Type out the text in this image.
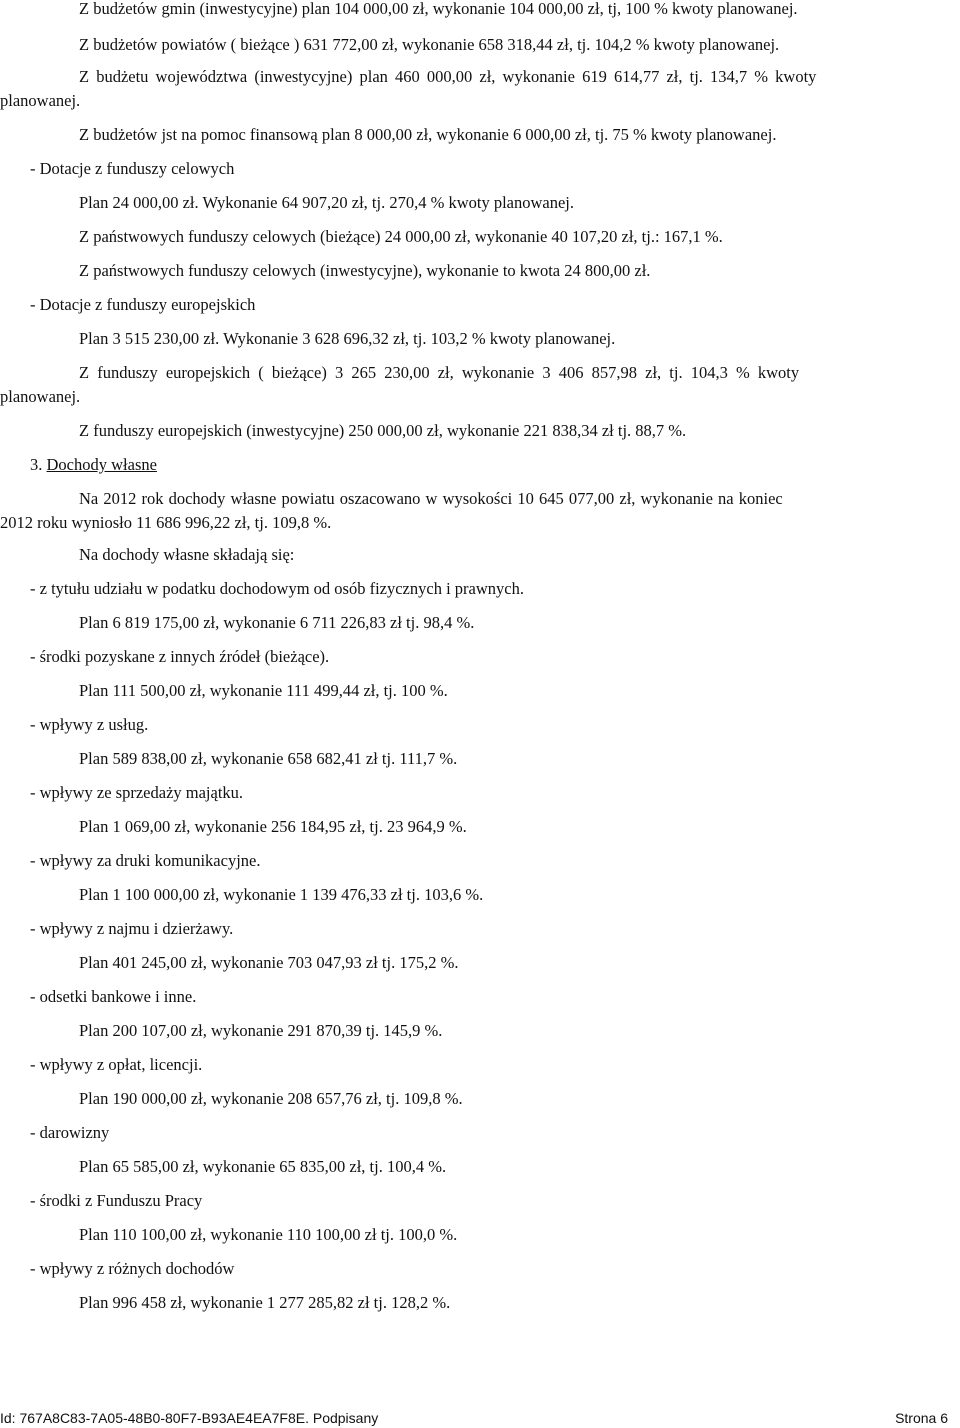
Z budżetów gmin (inwestycyjne) plan 104 000,00 zł, wykonanie 104 000,00 zł, tj, 100 % kwoty planowanej.
Z budżetów powiatów ( bieżące ) 631 772,00 zł, wykonanie 658 318,44 zł, tj. 104,2 % kwoty planowanej.
Z budżetu województwa (inwestycyjne) plan 460 000,00 zł, wykonanie 619 614,77 zł, tj. 134,7 % kwoty
planowanej.
Z budżetów jst na pomoc finansową plan 8 000,00 zł, wykonanie 6 000,00 zł, tj. 75 % kwoty planowanej.
- Dotacje z funduszy celowych
Plan 24 000,00 zł. Wykonanie 64 907,20 zł, tj. 270,4 % kwoty planowanej.
Z państwowych funduszy celowych (bieżące) 24 000,00 zł, wykonanie 40 107,20 zł, tj.: 167,1 %.
Z państwowych funduszy celowych (inwestycyjne), wykonanie to kwota 24 800,00 zł.
- Dotacje z funduszy europejskich
Plan 3 515 230,00 zł. Wykonanie 3 628 696,32 zł, tj. 103,2 % kwoty planowanej.
Z funduszy europejskich ( bieżące) 3 265 230,00 zł, wykonanie 3 406 857,98 zł, tj. 104,3 % kwoty
planowanej.
Z funduszy europejskich (inwestycyjne) 250 000,00 zł, wykonanie 221 838,34 zł tj. 88,7 %.
3. Dochody własne
Na 2012 rok dochody własne powiatu oszacowano w wysokości 10 645 077,00 zł, wykonanie na koniec
2012 roku wyniosło 11 686 996,22 zł, tj. 109,8 %.
Na dochody własne składają się:
- z tytułu udziału w podatku dochodowym od osób fizycznych i prawnych.
Plan 6 819 175,00 zł, wykonanie 6 711 226,83 zł tj. 98,4 %.
- środki pozyskane z innych źródeł (bieżące).
Plan 111 500,00 zł, wykonanie 111 499,44 zł, tj. 100 %.
- wpływy z usług.
Plan 589 838,00 zł, wykonanie 658 682,41 zł tj. 111,7 %.
- wpływy ze sprzedaży majątku.
Plan 1 069,00 zł, wykonanie 256 184,95 zł, tj. 23 964,9 %.
- wpływy za druki komunikacyjne.
Plan 1 100 000,00 zł, wykonanie 1 139 476,33 zł tj. 103,6 %.
- wpływy z najmu i dzierżawy.
Plan 401 245,00 zł, wykonanie 703 047,93 zł tj. 175,2 %.
- odsetki bankowe i inne.
Plan 200 107,00 zł, wykonanie 291 870,39 tj. 145,9 %.
- wpływy z opłat, licencji.
Plan 190 000,00 zł, wykonanie 208 657,76 zł, tj. 109,8 %.
- darowizny
Plan 65 585,00 zł, wykonanie 65 835,00 zł, tj. 100,4 %.
- środki z Funduszu Pracy
Plan 110 100,00 zł, wykonanie 110 100,00 zł tj. 100,0 %.
- wpływy z różnych dochodów
Plan 996 458 zł, wykonanie 1 277 285,82 zł tj. 128,2 %.
Id: 767A8C83-7A05-48B0-80F7-B93AE4EA7F8E. Podpisany	Strona 6
